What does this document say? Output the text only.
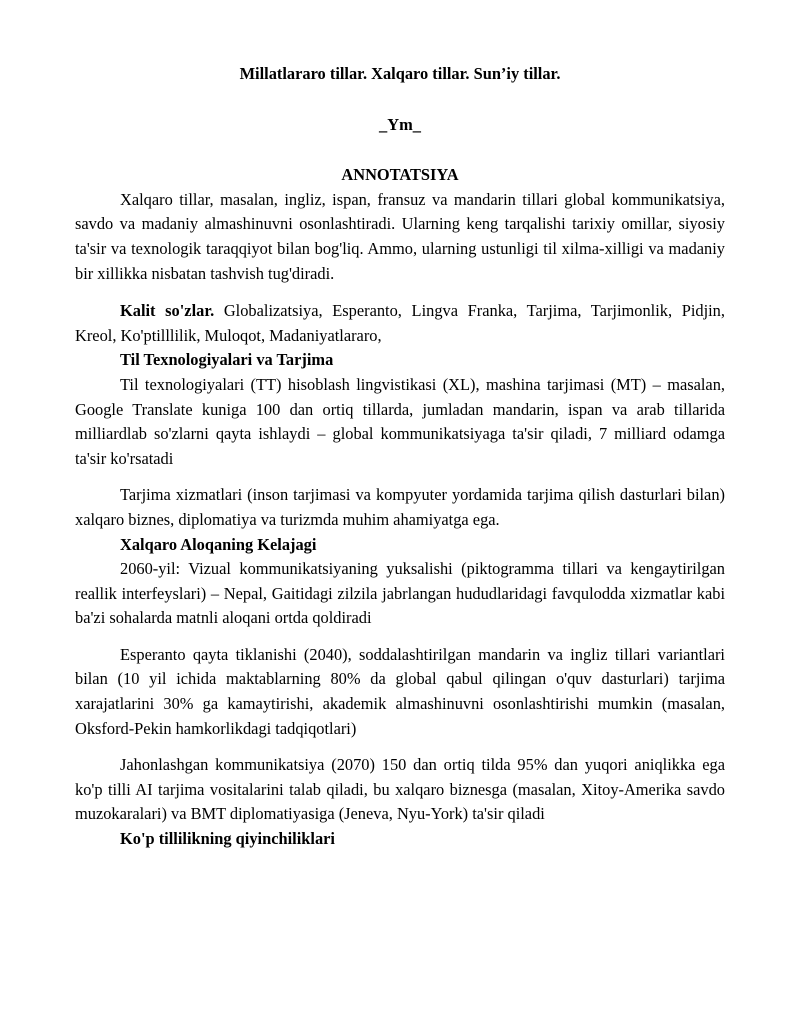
Millatlararo tillar. Xalqaro tillar. Sun’iy tillar.
_Ym_
ANNOTATSIYA

Xalqaro tillar, masalan, ingliz, ispan, fransuz va mandarin tillari global kommunikatsiya, savdo va madaniy almashinuvni osonlashtiradi. Ularning keng tarqalishi tarixiy omillar, siyosiy ta'sir va texnologik taraqqiyot bilan bog'liq. Ammo, ularning ustunligi til xilma-xilligi va madaniy bir xillikka nisbatan tashvish tug'diradi.

Kalit so'zlar. Globalizatsiya, Esperanto, Lingva Franka, Tarjima, Tarjimonlik, Pidjin, Kreol, Ko'ptilllilik, Muloqot, Madaniyatlararo,

Til Texnologiyalari va Tarjima

Til texnologiyalari (TT) hisoblash lingvistikasi (XL), mashina tarjimasi (MT) – masalan, Google Translate kuniga 100 dan ortiq tillarda, jumladan mandarin, ispan va arab tillarida milliardlab so'zlarni qayta ishlaydi – global kommunikatsiyaga ta'sir qiladi, 7 milliard odamga ta'sir ko'rsatadi

Tarjima xizmatlari (inson tarjimasi va kompyuter yordamida tarjima qilish dasturlari bilan) xalqaro biznes, diplomatiya va turizmda muhim ahamiyatga ega.

Xalqaro Aloqaning Kelajagi

2060-yil: Vizual kommunikatsiyaning yuksalishi (piktogramma tillari va kengaytirilgan reallik interfeyslari) – Nepal, Gaitidagi zilzila jabrlangan hududlaridagi favqulodda xizmatlar kabi ba'zi sohalarda matnli aloqani ortda qoldiradi

Esperanto qayta tiklanishi (2040), soddalashtirilgan mandarin va ingliz tillari variantlari bilan (10 yil ichida maktablarning 80% da global qabul qilingan o'quv dasturlari) tarjima xarajatlarini 30% ga kamaytirishi, akademik almashinuvni osonlashtirishi mumkin (masalan, Oksford-Pekin hamkorlikdagi tadqiqotlari)

Jahonlashgan kommunikatsiya (2070) 150 dan ortiq tilda 95% dan yuqori aniqlikka ega ko'p tilli AI tarjima vositalarini talab qiladi, bu xalqaro biznesga (masalan, Xitoy-Amerika savdo muzokaralari) va BMT diplomatiyasiga (Jeneva, Nyu-York) ta'sir qiladi

Ko'p tillilikning qiyinchiliklari
